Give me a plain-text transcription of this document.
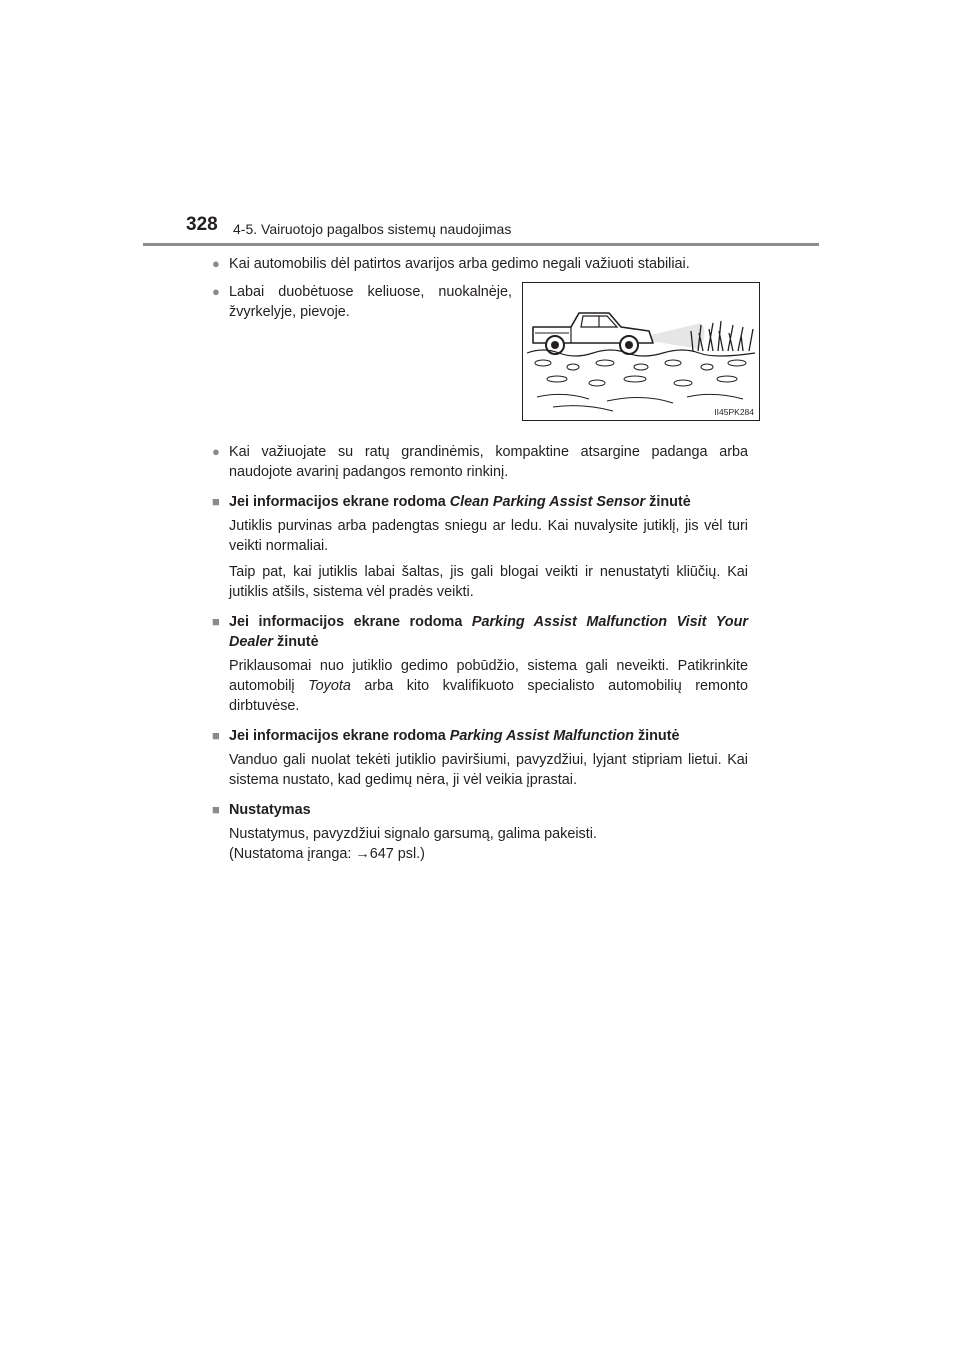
328 4-5. Vairuotojo pagalbos sistemų naudojimas
II45PK284
● Kai automobilis dėl patirtos avarijos arba gedimo negali važiuoti stabiliai.
● Labai duobėtuose keliuose, nuokalnėje, žvyrkelyje, pievoje.
● Kai važiuojate su ratų grandinėmis, kompaktine atsargine padanga arba naudojote avarinį padangos remonto rinkinį.
■ Jei informacijos ekrane rodoma Clean Parking Assist Sensor žinutė

Jutiklis purvinas arba padengtas sniegu ar ledu. Kai nuvalysite jutiklį, jis vėl turi veikti normaliai.

Taip pat, kai jutiklis labai šaltas, jis gali blogai veikti ir nenustatyti kliūčių. Kai jutiklis atšils, sistema vėl pradės veikti.

■ Jei informacijos ekrane rodoma Parking Assist Malfunction Visit Your Dealer žinutė

Priklausomai nuo jutiklio gedimo pobūdžio, sistema gali neveikti. Patikrinkite automobilį Toyota arba kito kvalifikuoto specialisto automobilių remonto dirbtuvėse.

■ Jei informacijos ekrane rodoma Parking Assist Malfunction žinutė

Vanduo gali nuolat tekėti jutiklio paviršiumi, pavyzdžiui, lyjant stipriam lietui. Kai sistema nustato, kad gedimų nėra, ji vėl veikia įprastai.

■ Nustatymas

Nustatymus, pavyzdžiui signalo garsumą, galima pakeisti.

(Nustatoma įranga: →647 psl.)
